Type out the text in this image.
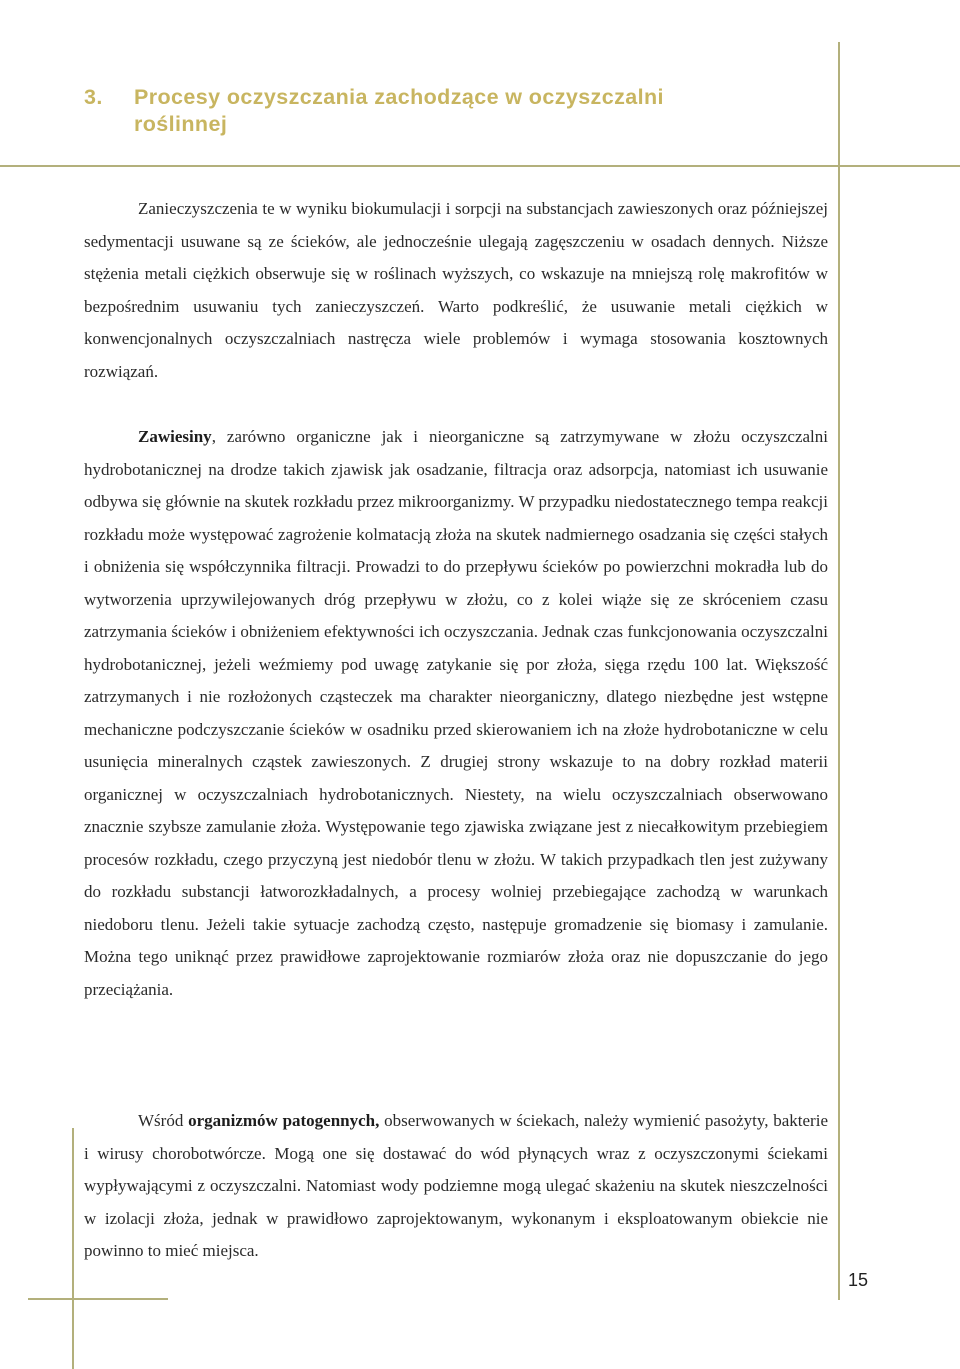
3. Procesy oczyszczania zachodzące w oczyszczalni
roślinnej

Zanieczyszczenia te w wyniku biokumulacji i sorpcji na substancjach zawieszonych oraz późniejszej sedymentacji usuwane są ze ścieków, ale jednocześnie ulegają zagęszczeniu w osadach dennych. Niższe stężenia metali ciężkich obserwuje się w roślinach wyższych, co wskazuje na mniejszą rolę makrofitów w bezpośrednim usuwaniu tych zanieczyszczeń. Warto podkreślić, że usuwanie metali ciężkich w konwencjonalnych oczyszczalniach nastręcza wiele problemów i wymaga stosowania kosztownych rozwiązań.

Zawiesiny, zarówno organiczne jak i nieorganiczne są zatrzymywane w złożu oczyszczalni hydrobotanicznej na drodze takich zjawisk jak osadzanie, filtracja oraz adsorpcja, natomiast ich usuwanie odbywa się głównie na skutek rozkładu przez mikroorganizmy. W przypadku niedostatecznego tempa reakcji rozkładu może występować zagrożenie kolmatacją złoża na skutek nadmiernego osadzania się części stałych i obniżenia się współczynnika filtracji. Prowadzi to do przepływu ścieków po powierzchni mokradła lub do wytworzenia uprzywilejowanych dróg przepływu w złożu, co z kolei wiąże się ze skróceniem czasu zatrzymania ścieków i obniżeniem efektywności ich oczyszczania. Jednak czas funkcjonowania oczyszczalni hydrobotanicznej, jeżeli weźmiemy pod uwagę zatykanie się por złoża, sięga rzędu 100 lat. Większość zatrzymanych i nie rozłożonych cząsteczek ma charakter nieorganiczny, dlatego niezbędne jest wstępne mechaniczne podczyszczanie ścieków w osadniku przed skierowaniem ich na złoże hydrobotaniczne w celu usunięcia mineralnych cząstek zawieszonych. Z drugiej strony wskazuje to na dobry rozkład materii organicznej w oczyszczalniach hydrobotanicznych. Niestety, na wielu oczyszczalniach obserwowano znacznie szybsze zamulanie złoża. Występowanie tego zjawiska związane jest z niecałkowitym przebiegiem procesów rozkładu, czego przyczyną jest niedobór tlenu w złożu. W takich przypadkach tlen jest zużywany do rozkładu substancji łatworozkładalnych, a procesy wolniej przebiegające zachodzą w warunkach niedoboru tlenu. Jeżeli takie sytuacje zachodzą często, następuje gromadzenie się biomasy i zamulanie. Można tego uniknąć przez prawidłowe zaprojektowanie rozmiarów złoża oraz nie dopuszczanie do jego przeciążania.

Wśród organizmów patogennych, obserwowanych w ściekach, należy wymienić pasożyty, bakterie i wirusy chorobotwórcze. Mogą one się dostawać do wód płynących wraz z oczyszczonymi ściekami wypływającymi z oczyszczalni. Natomiast wody podziemne mogą ulegać skażeniu na skutek nieszczelności w izolacji złoża, jednak w prawidłowo zaprojektowanym, wykonanym i eksploatowanym obiekcie nie powinno to mieć miejsca.

15
